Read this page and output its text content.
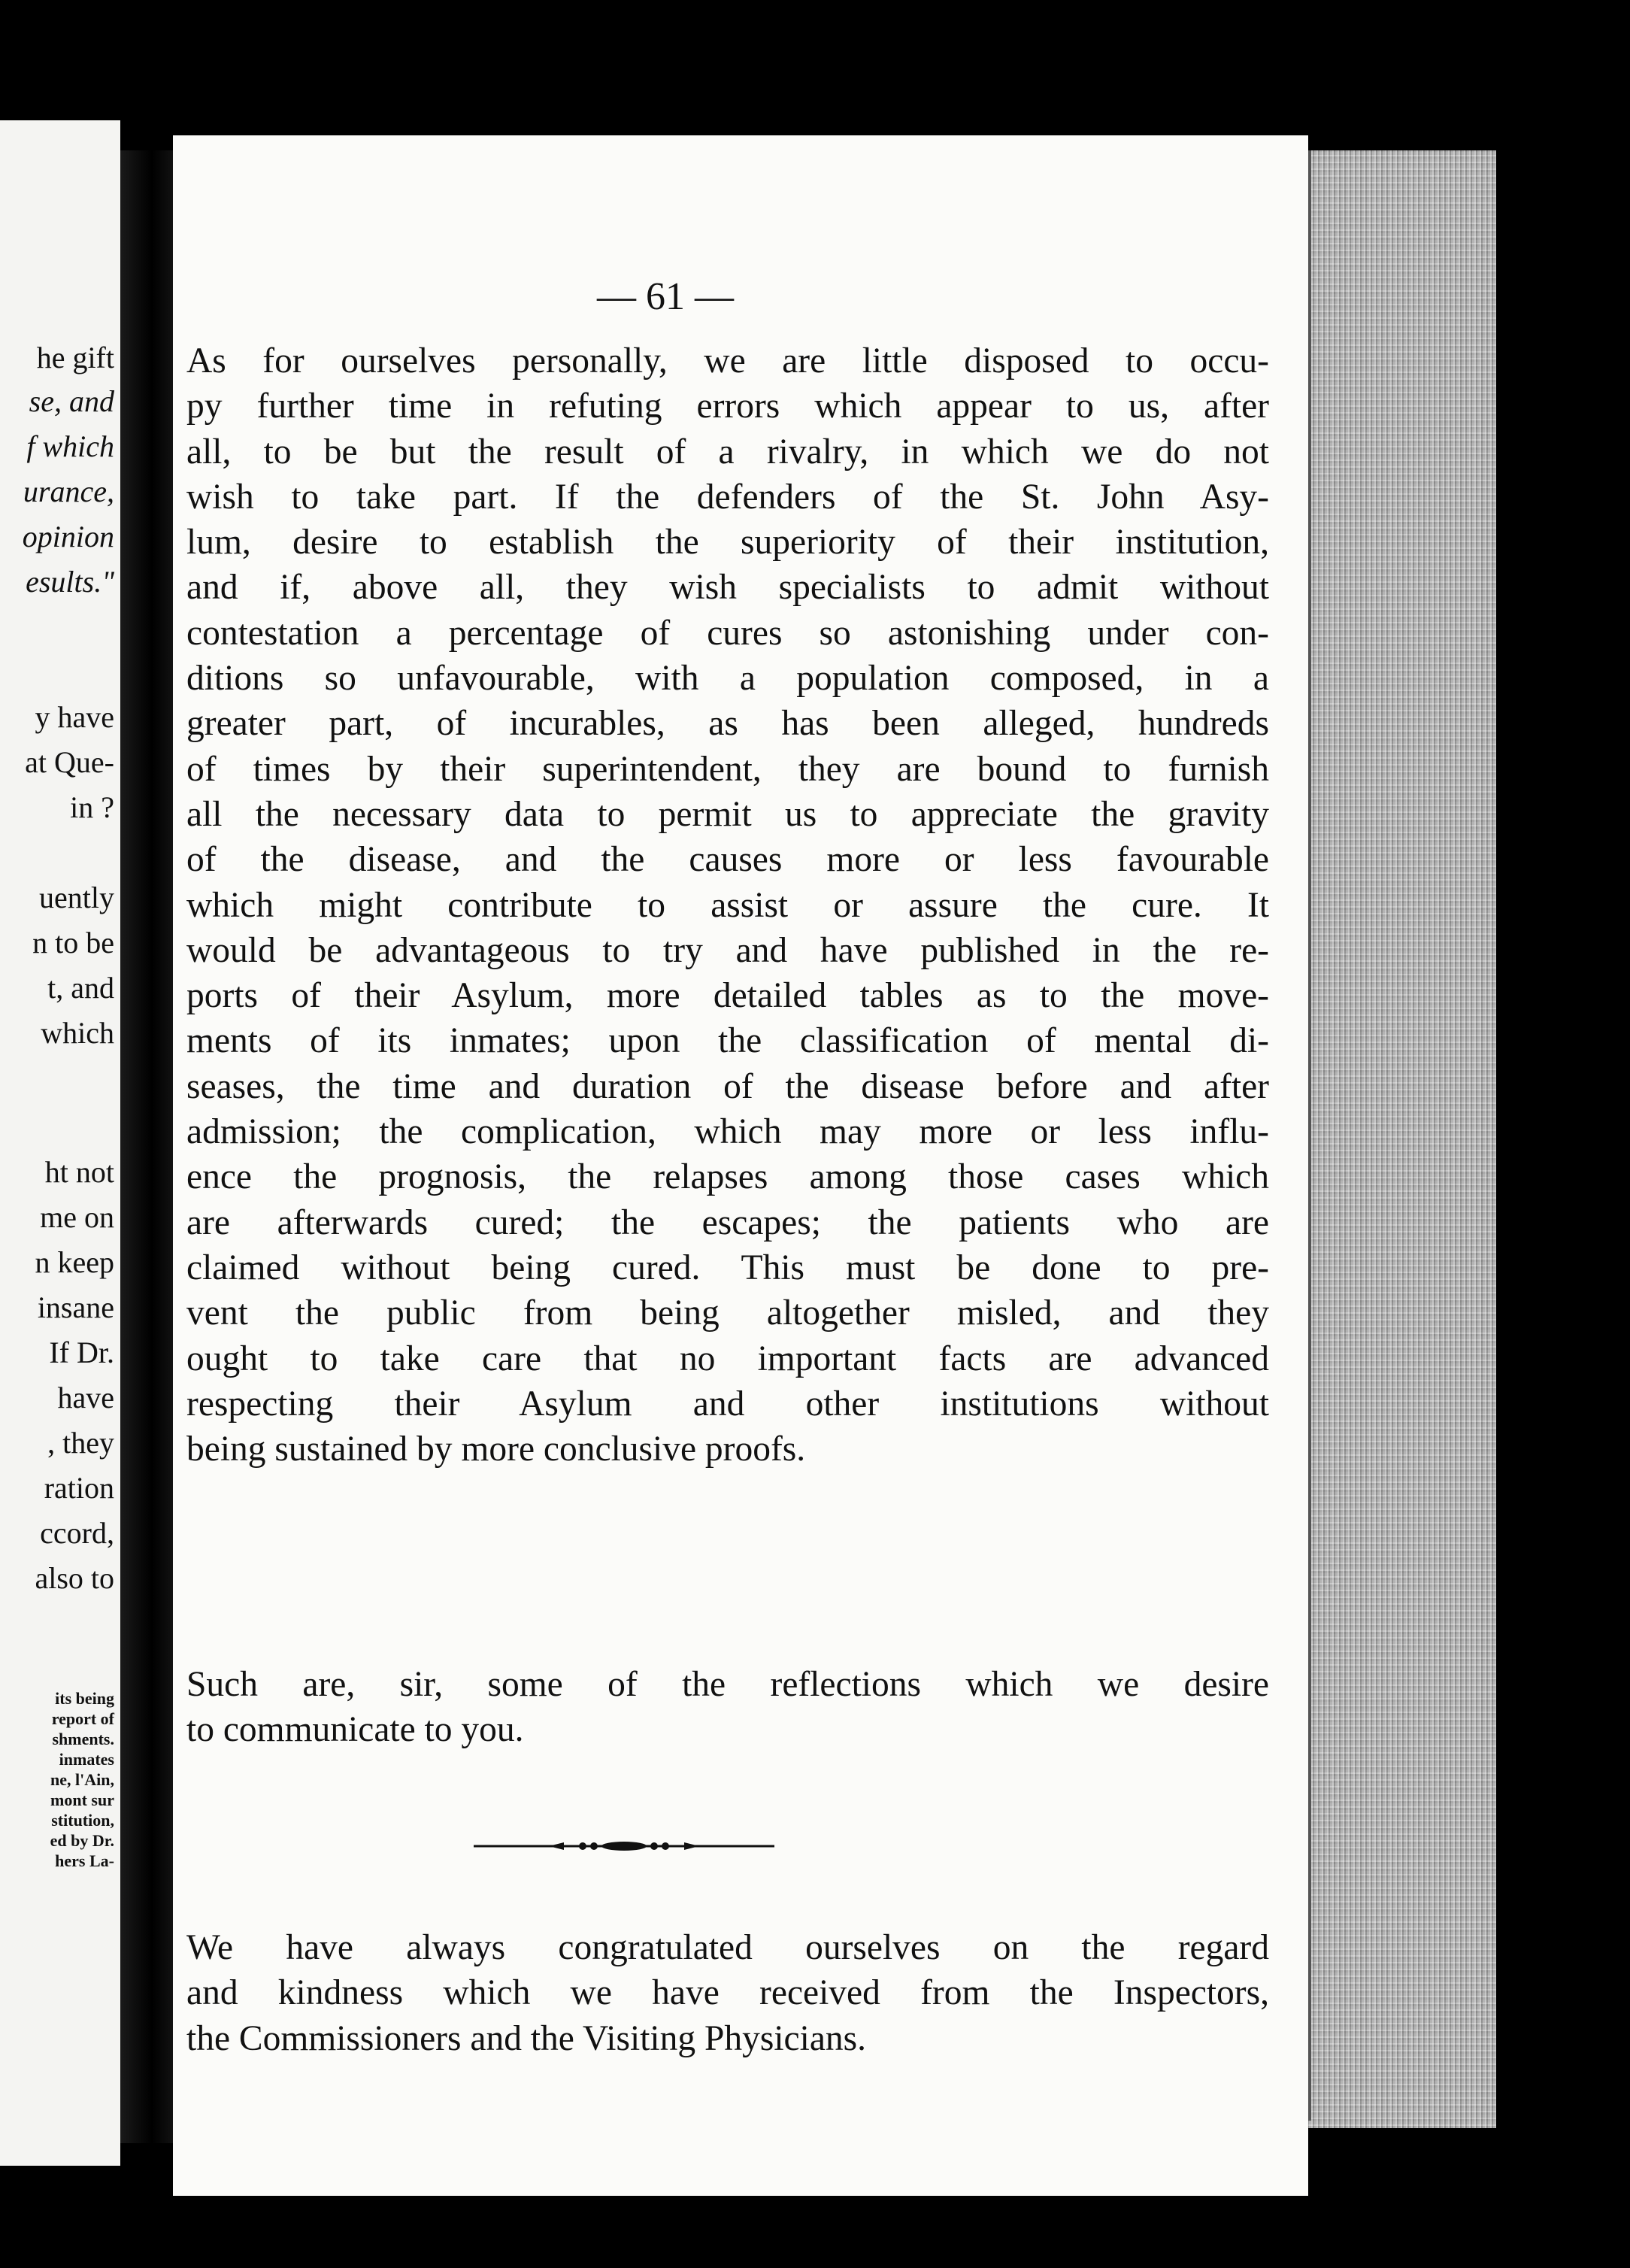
he gift
se, and
f which
urance,
opinion
esults."
y have
at Que-
in ?
uently
n to be
t, and
which
ht not
me on
n keep
insane
If Dr.
have
, they
ration
ccord,
also to
its being
report of
shments.
inmates
ne, l'Ain,
mont sur
stitution,
ed by Dr.
hers La-
— 61 —
As for ourselves personally, we are little disposed to occu-
py further time in refuting errors which appear to us, after
all, to be but the result of a rivalry, in which we do not
wish to take part. If the defenders of the St. John Asy-
lum, desire to establish the superiority of their institution,
and if, above all, they wish specialists to admit without
contestation a percentage of cures so astonishing under con-
ditions so unfavourable, with a population composed, in a
greater part, of incurables, as has been alleged, hundreds
of times by their superintendent, they are bound to furnish
all the necessary data to permit us to appreciate the gravity
of the disease, and the causes more or less favourable
which might contribute to assist or assure the cure. It
would be advantageous to try and have published in the re-
ports of their Asylum, more detailed tables as to the move-
ments of its inmates; upon the classification of mental di-
seases, the time and duration of the disease before and after
admission; the complication, which may more or less influ-
ence the prognosis, the relapses among those cases which
are afterwards cured; the escapes; the patients who are
claimed without being cured. This must be done to pre-
vent the public from being altogether misled, and they
ought to take care that no important facts are advanced
respecting their Asylum and other institutions without
being sustained by more conclusive proofs.
Such are, sir, some of the reflections which we desire
to communicate to you.
We have always congratulated ourselves on the regard
and kindness which we have received from the Inspectors,
the Commissioners and the Visiting Physicians.
